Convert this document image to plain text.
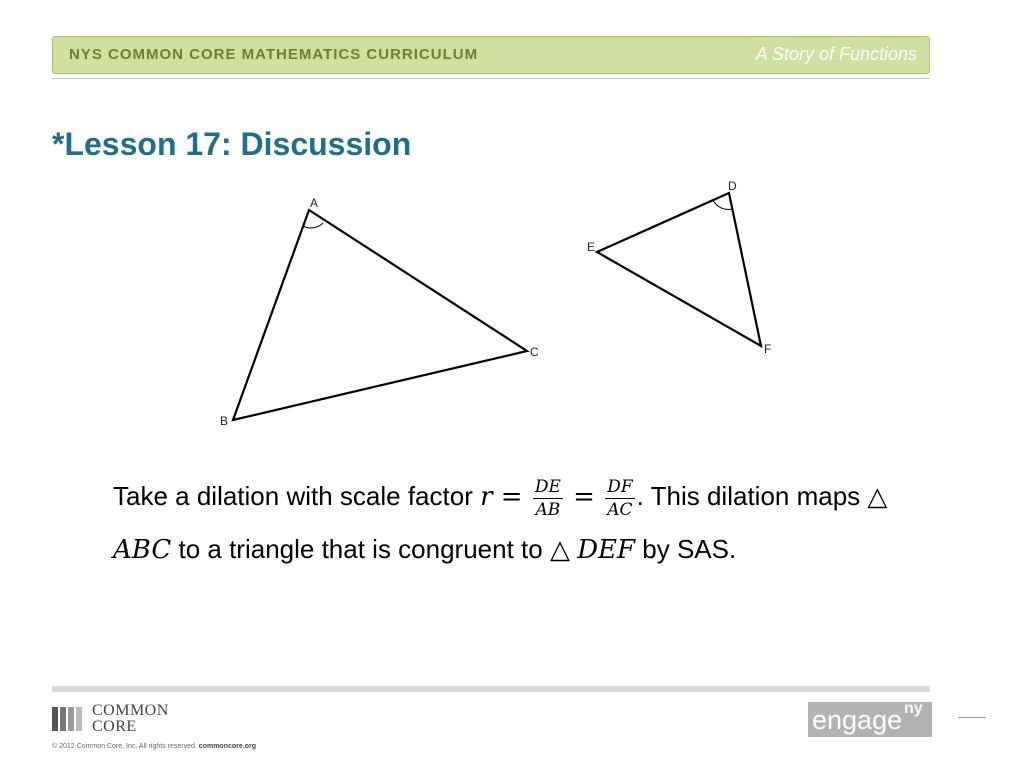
NYS COMMON CORE MATHEMATICS CURRICULUM	A Story of Functions
*Lesson 17: Discussion
A
B
C
D
E
F
Take a dilation with scale factor $r = \frac{DE}{AB} = \frac{DF}{AC}$ . This dilation maps △ ABC to a triangle that is congruent to △ DEF by SAS.
COMMON
CORE
© 2012 Common Core, Inc. All rights reserved. commoncore.org
engage ny
